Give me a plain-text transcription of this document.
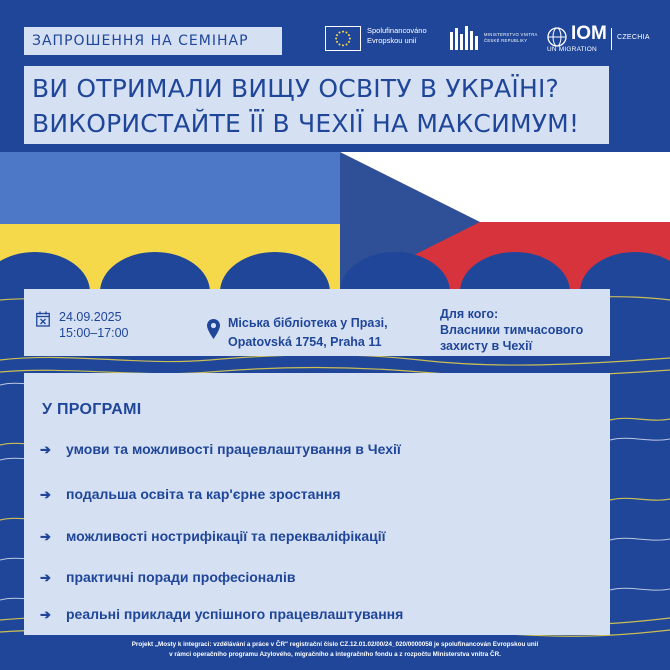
ЗАПРОШЕННЯ НА СЕМІНАР
Spolufinancováno
Evropskou unií
MINISTERSTVO VNITRA
ČESKÉ REPUBLIKY	IOM
UN MIGRATION
CZECHIA
ВИ ОТРИМАЛИ ВИЩУ ОСВІТУ В УКРАЇНІ?
ВИКОРИСТАЙТЕ ЇЇ В ЧЕХІЇ НА МАКСИМУМ!
24.09.2025
15:00–17:00
Міська бібліотека у Празі,
Opatovská 1754, Praha 11
Для кого:
Власники тимчасового
захисту в Чехії
У ПРОГРАМІ
➔ умови та можливості працевлаштування в Чехії
➔ подальша освіта та кар'єрне зростання
➔ можливості нострифікації та перекваліфікації
➔ практичні поради професіоналів
➔ реальні приклади успішного працевлаштування
Projekt „Mosty k integraci: vzdělávání a práce v ČR" registrační číslo CZ.12.01.02/00/24_020/0000058 je spolufinancován Evropskou unií
v rámci operačního programu Azylového, migračního a integračního fondu a z rozpočtu Ministerstva vnitra ČR.
